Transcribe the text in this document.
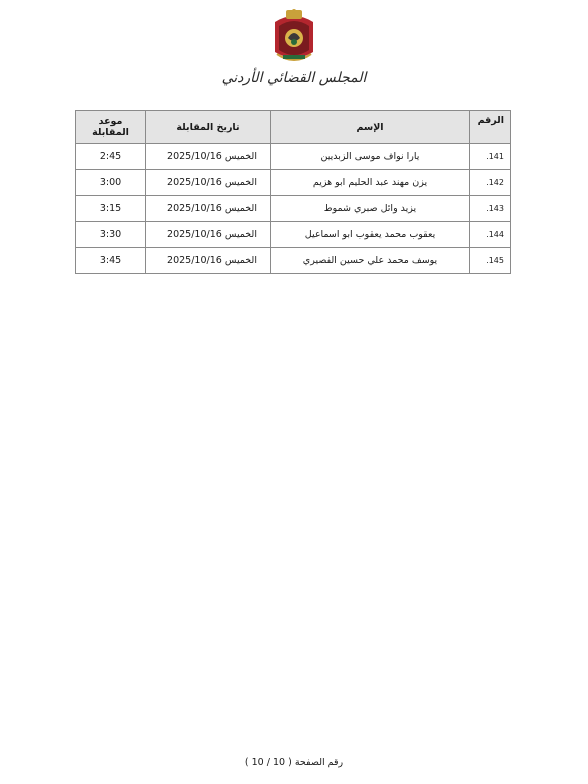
المجلس القضائي الأردني
الرقم	الإسم	تاريخ المقابلة	موعد المقابلة
141.	يارا نواف موسى الزبديين	الخميس 2025/10/16	2:45
142.	يزن مهند عبد الحليم ابو هزيم	الخميس 2025/10/16	3:00
143.	يزيد وائل صبري شموط	الخميس 2025/10/16	3:15
144.	يعقوب محمد يعقوب ابو اسماعيل	الخميس 2025/10/16	3:30
145.	يوسف محمد علي حسين القصيري	الخميس 2025/10/16	3:45
رقم الصفحة ( 10 / 10 )
